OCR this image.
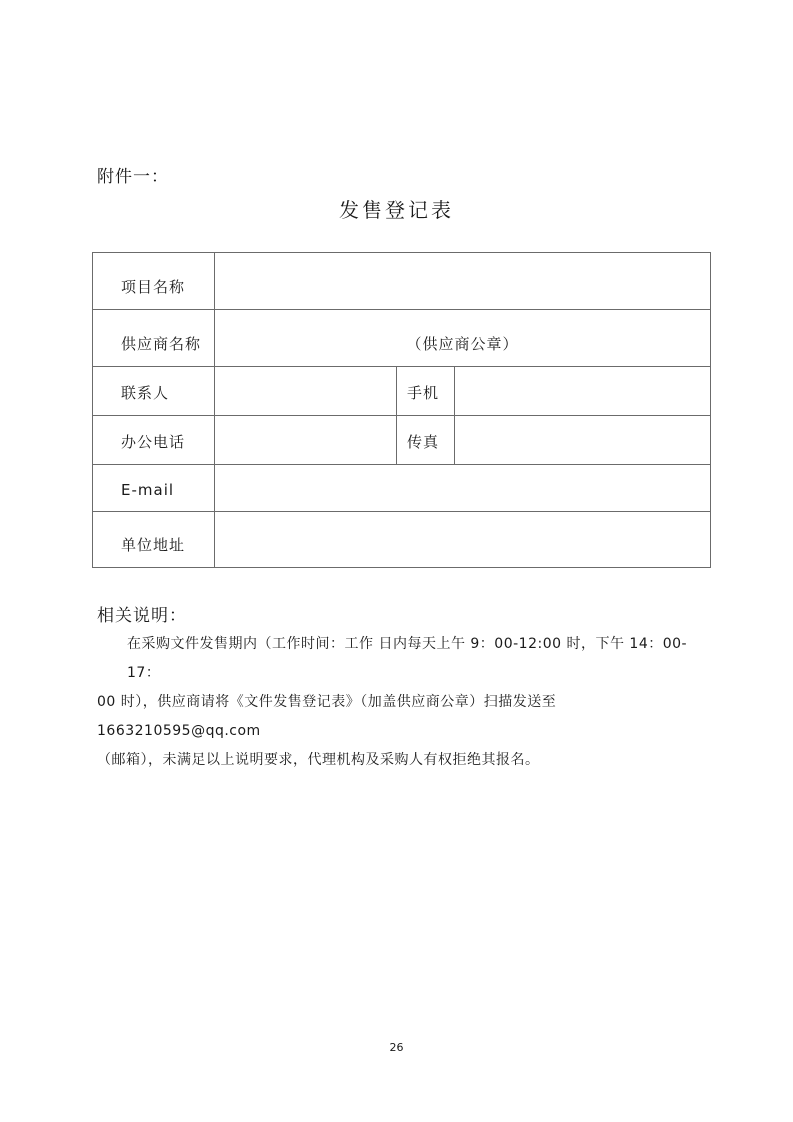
附件一：
发售登记表
项目名称			
供应商名称	（供应商公章）		
联系人		手机	
办公电话		传真	
E-mail			
单位地址			
相关说明：
在采购文件发售期内（工作时间：工作 日内每天上午 9：00-12:00 时，下午 14：00-17：
00 时），供应商请将《文件发售登记表》（加盖供应商公章）扫描发送至 1663210595@qq.com
（邮箱），未满足以上说明要求，代理机构及采购人有权拒绝其报名。
26
